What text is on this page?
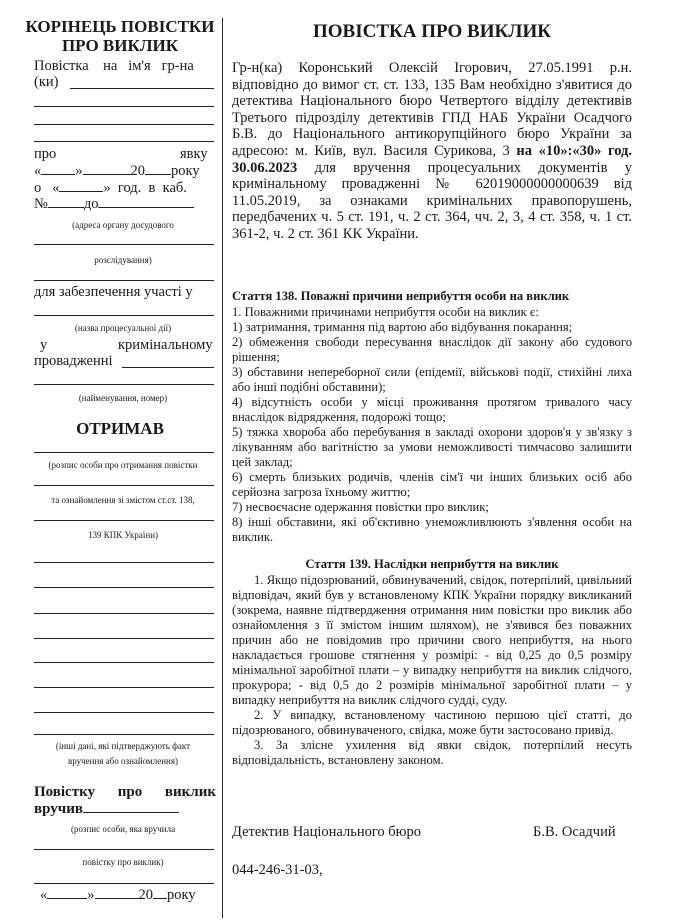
КОРІНЕЦЬ ПОВІСТКИ
ПРО ВИКЛИК
Повістка на ім'я гр-на
(ки)
про	явку
« »	20 року
о «	» год. в каб.
№ до
(адреса органу досудового
розслідування)
для забезпечення участі у
(назва процесуальної дії)
у	кримінальному
провадженні
(найменування, номер)
ОТРИМАВ
(розпис особи про отримання повістки
та ознайомлення зі змістом ст.ст. 138,
139 КПК України)
(інші дані, які підтверджують факт
вручення або ознайомлення)
Повістку про виклик
вручив
(розпис особи, яка вручила
повістку про виклик)
«	»	20 року
ПОВІСТКА ПРО ВИКЛИК
Гр-н(ка) Коронський Олексій Ігорович, 27.05.1991 р.н. відповідно до вимог ст. ст. 133, 135 Вам необхідно з'явитися до детектива Національного бюро Четвертого відділу детективів Третього підрозділу детективів ГПД НАБ України Осадчого Б.В. до Національного антикорупційного бюро України за адресою: м. Київ, вул. Василя Сурикова, 3 на «10»:«30» год. 30.06.2023 для вручення процесуальних документів у кримінальному провадженні № 62019000000000639 від 11.05.2019, за ознаками кримінальних правопорушень, передбачених ч. 5 ст. 191, ч. 2 ст. 364, чч. 2, 3, 4 ст. 358, ч. 1 ст. 361-2, ч. 2 ст. 361 КК України.
Стаття 138. Поважні причини неприбуття особи на виклик

1. Поважними причинами неприбуття особи на виклик є:

1) затримання, тримання під вартою або відбування покарання;

2) обмеження свободи пересування внаслідок дії закону або судового рішення;

3) обставини непереборної сили (епідемії, військові події, стихійні лиха або інші подібні обставини);

4) відсутність особи у місці проживання протягом тривалого часу внаслідок відрядження, подорожі тощо;

5) тяжка хвороба або перебування в закладі охорони здоров'я у зв'язку з лікуванням або вагітністю за умови неможливості тимчасово залишити цей заклад;

6) смерть близьких родичів, членів сім'ї чи інших близьких осіб або серйозна загроза їхньому життю;

7) несвоєчасне одержання повістки про виклик;

8) інші обставини, які об'єктивно унеможливлюють з'явлення особи на виклик.

Стаття 139. Наслідки неприбуття на виклик

1. Якщо підозрюваний, обвинувачений, свідок, потерпілий, цивільний відповідач, який був у встановленому КПК України порядку викликаний (зокрема, наявне підтвердження отримання ним повістки про виклик або ознайомлення з її змістом іншим шляхом), не з'явився без поважних причин або не повідомив про причини свого неприбуття, на нього накладається грошове стягнення у розмірі: - від 0,25 до 0,5 розміру мінімальної заробітної плати – у випадку неприбуття на виклик слідчого, прокурора; - від 0,5 до 2 розмірів мінімальної заробітної плати – у випадку неприбуття на виклик слідчого судді, суду.

2. У випадку, встановленому частиною першою цієї статті, до підозрюваного, обвинуваченого, свідка, може бути застосовано привід.

3. За злісне ухилення від явки свідок, потерпілий несуть відповідальність, встановлену законом.

Детектив Національного бюро	Б.В. Осадчий
044-246-31-03,
